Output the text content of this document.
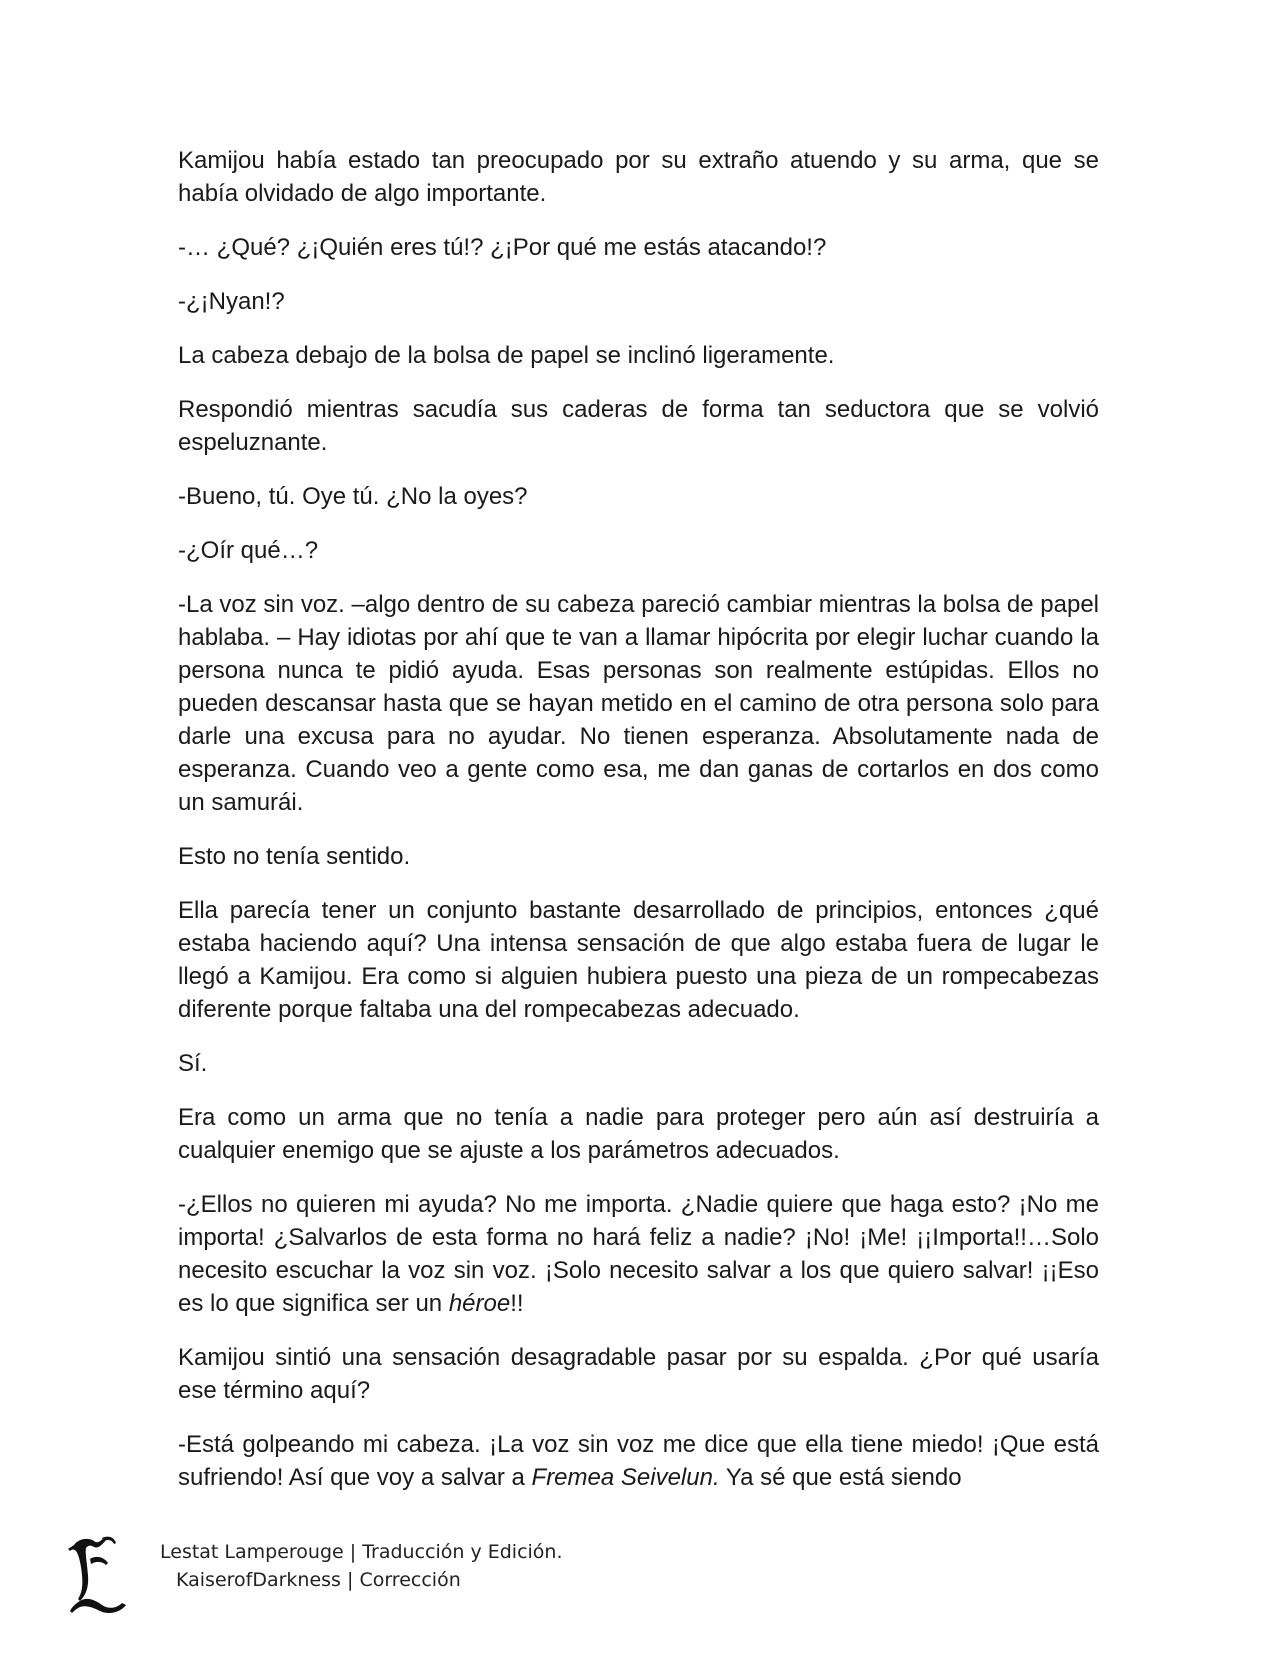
Kamijou había estado tan preocupado por su extraño atuendo y su arma, que se había olvidado de algo importante.

-… ¿Qué? ¿¡Quién eres tú!? ¿¡Por qué me estás atacando!?

-¿¡Nyan!?

La cabeza debajo de la bolsa de papel se inclinó ligeramente.

Respondió mientras sacudía sus caderas de forma tan seductora que se volvió espeluznante.

-Bueno, tú. Oye tú. ¿No la oyes?

-¿Oír qué…?

-La voz sin voz. –algo dentro de su cabeza pareció cambiar mientras la bolsa de papel hablaba. – Hay idiotas por ahí que te van a llamar hipócrita por elegir luchar cuando la persona nunca te pidió ayuda. Esas personas son realmente estúpidas. Ellos no pueden descansar hasta que se hayan metido en el camino de otra persona solo para darle una excusa para no ayudar. No tienen esperanza. Absolutamente nada de esperanza. Cuando veo a gente como esa, me dan ganas de cortarlos en dos como un samurái.

Esto no tenía sentido.

Ella parecía tener un conjunto bastante desarrollado de principios, entonces ¿qué estaba haciendo aquí? Una intensa sensación de que algo estaba fuera de lugar le llegó a Kamijou. Era como si alguien hubiera puesto una pieza de un rompecabezas diferente porque faltaba una del rompecabezas adecuado.

Sí.

Era como un arma que no tenía a nadie para proteger pero aún así destruiría a cualquier enemigo que se ajuste a los parámetros adecuados.

-¿Ellos no quieren mi ayuda? No me importa. ¿Nadie quiere que haga esto? ¡No me importa! ¿Salvarlos de esta forma no hará feliz a nadie? ¡No! ¡Me! ¡¡Importa!!…Solo necesito escuchar la voz sin voz. ¡Solo necesito salvar a los que quiero salvar! ¡¡Eso es lo que significa ser un héroe!!

Kamijou sintió una sensación desagradable pasar por su espalda. ¿Por qué usaría ese término aquí?

-Está golpeando mi cabeza. ¡La voz sin voz me dice que ella tiene miedo! ¡Que está sufriendo! Así que voy a salvar a Fremea Seivelun. Ya sé que está siendo

Lestat Lamperouge | Traducción y Edición.
KaiserofDarkness | Corrección
